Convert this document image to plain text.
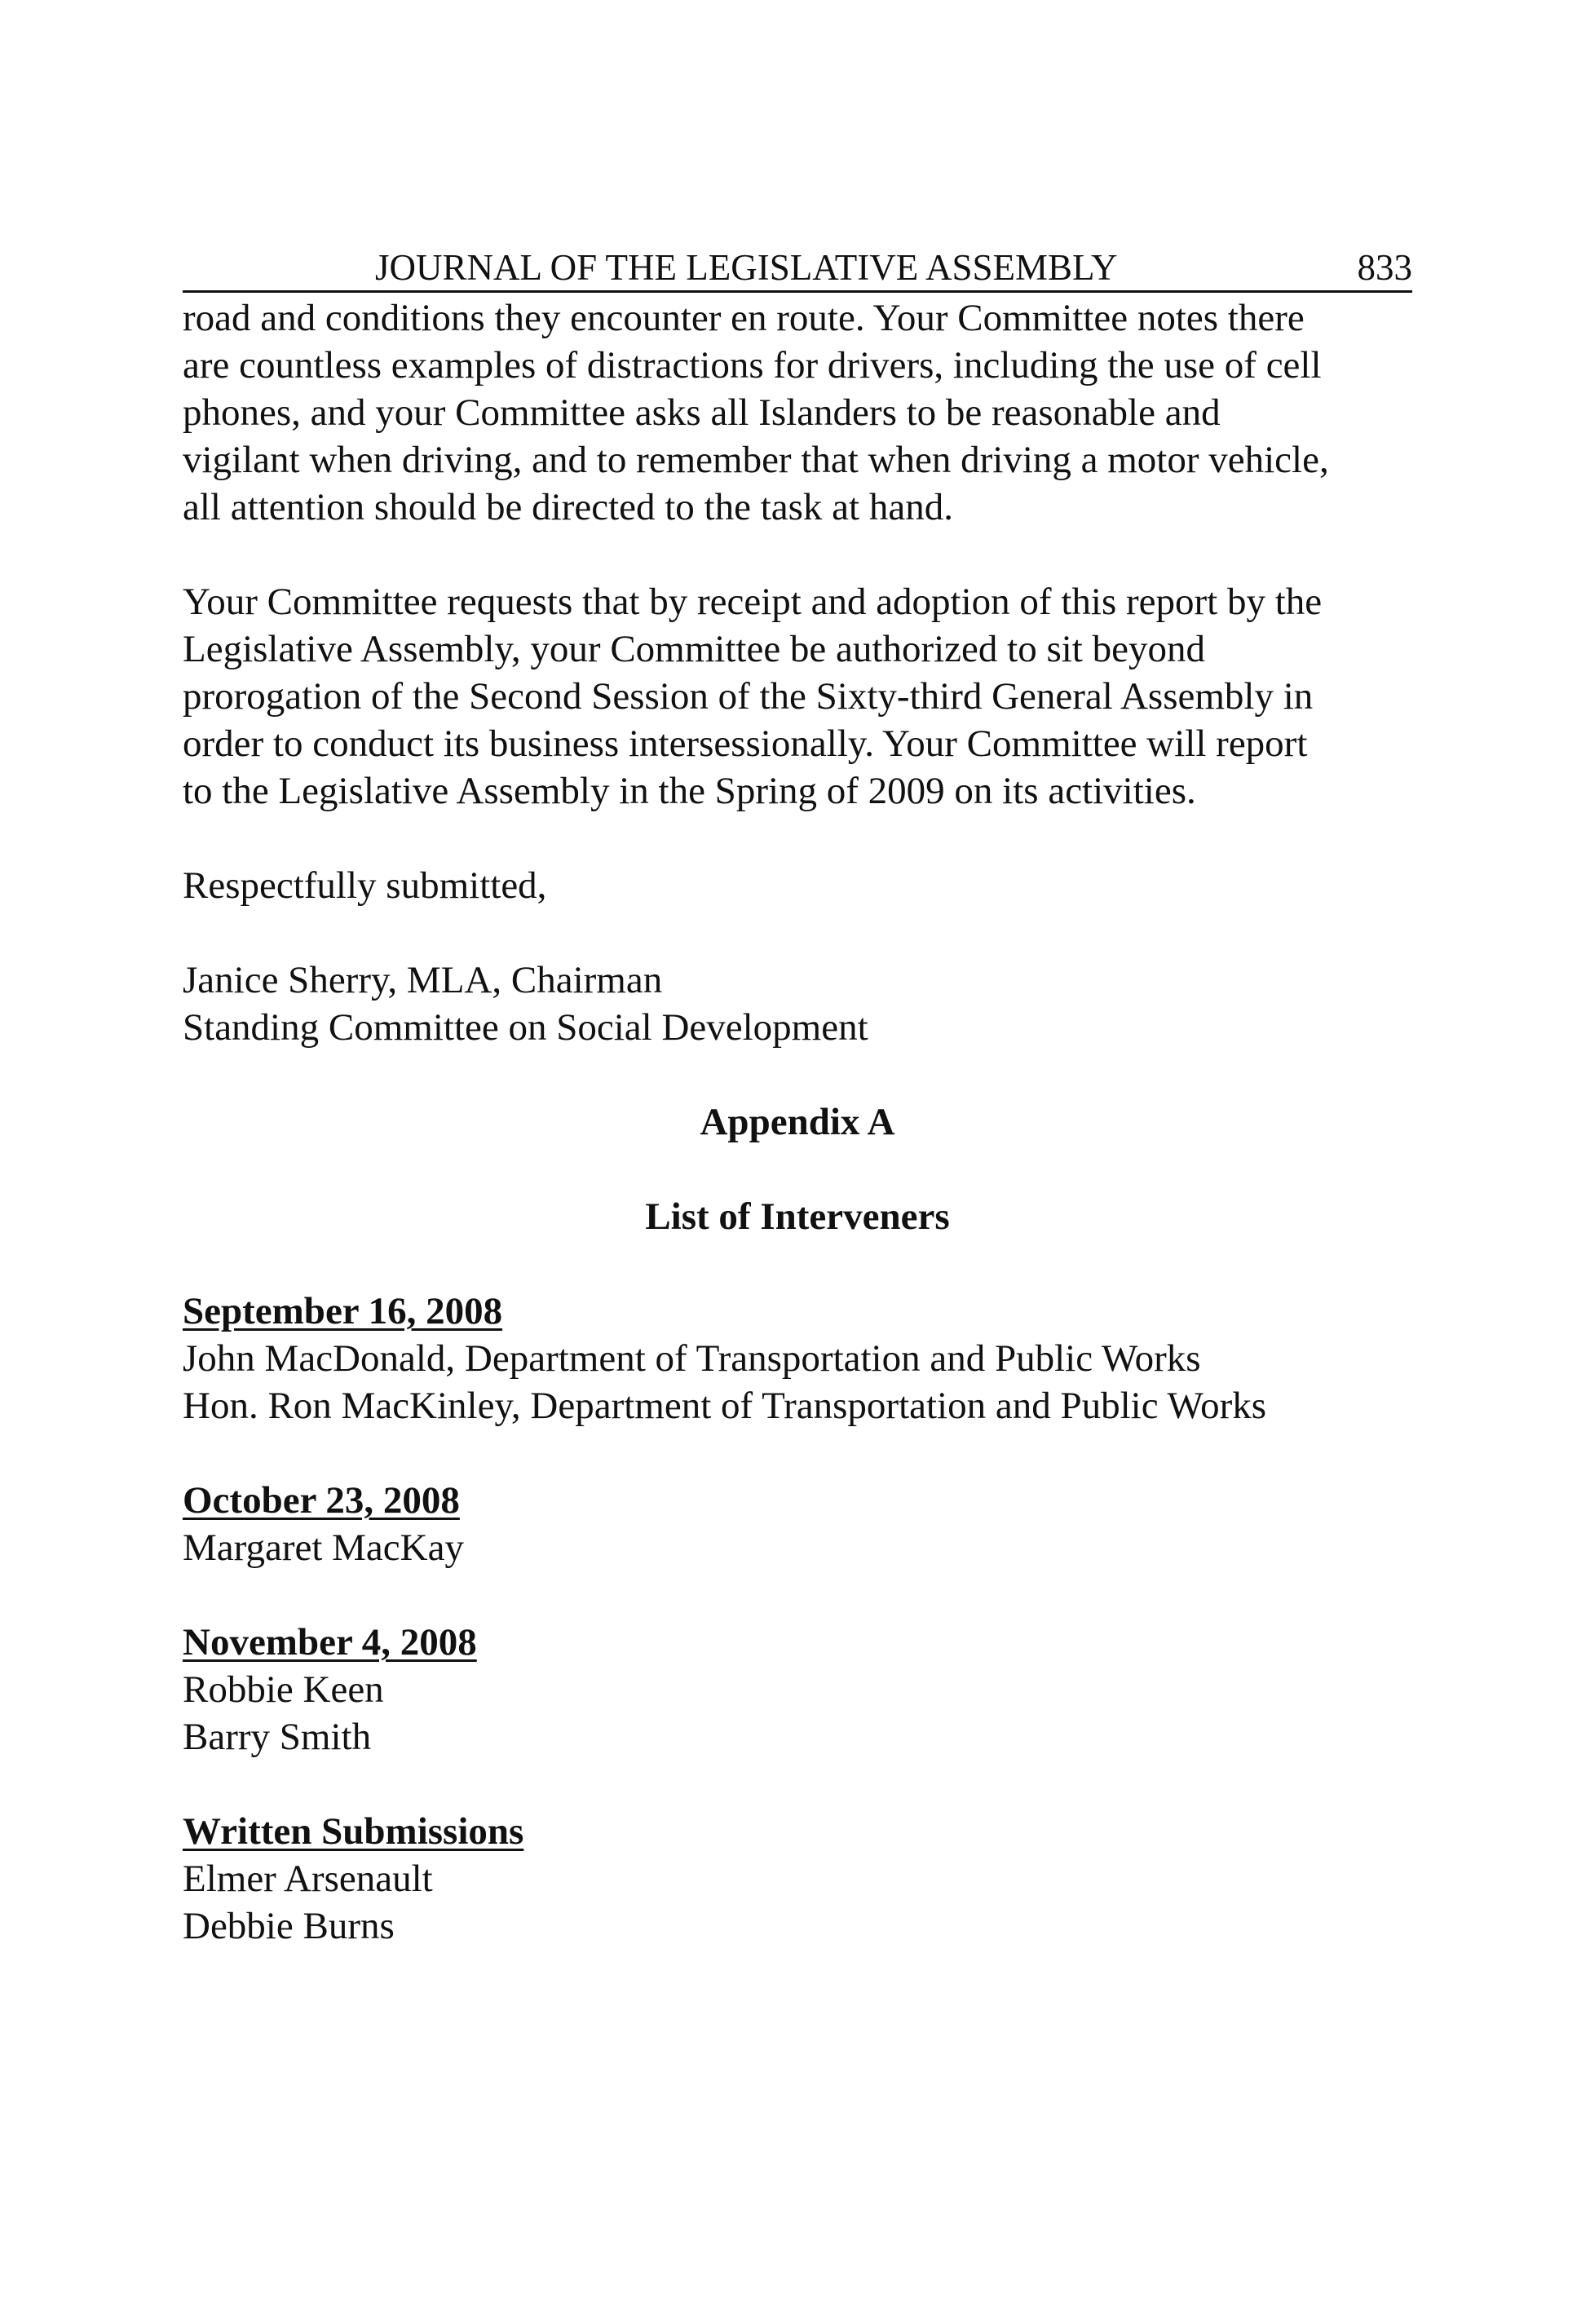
JOURNAL OF THE LEGISLATIVE ASSEMBLY	833
road and conditions they encounter en route. Your Committee notes there
are countless examples of distractions for drivers, including the use of cell
phones, and your Committee asks all Islanders to be reasonable and
vigilant when driving, and to remember that when driving a motor vehicle,
all attention should be directed to the task at hand.
Your Committee requests that by receipt and adoption of this report by the
Legislative Assembly, your Committee be authorized to sit beyond
prorogation of the Second Session of the Sixty-third General Assembly in
order to conduct its business intersessionally. Your Committee will report
to the Legislative Assembly in the Spring of 2009 on its activities.
Respectfully submitted,
Janice Sherry, MLA, Chairman
Standing Committee on Social Development
Appendix A
List of Interveners
September 16, 2008
John MacDonald, Department of Transportation and Public Works
Hon. Ron MacKinley, Department of Transportation and Public Works
October 23, 2008
Margaret MacKay
November 4, 2008
Robbie Keen
Barry Smith
Written Submissions
Elmer Arsenault
Debbie Burns
